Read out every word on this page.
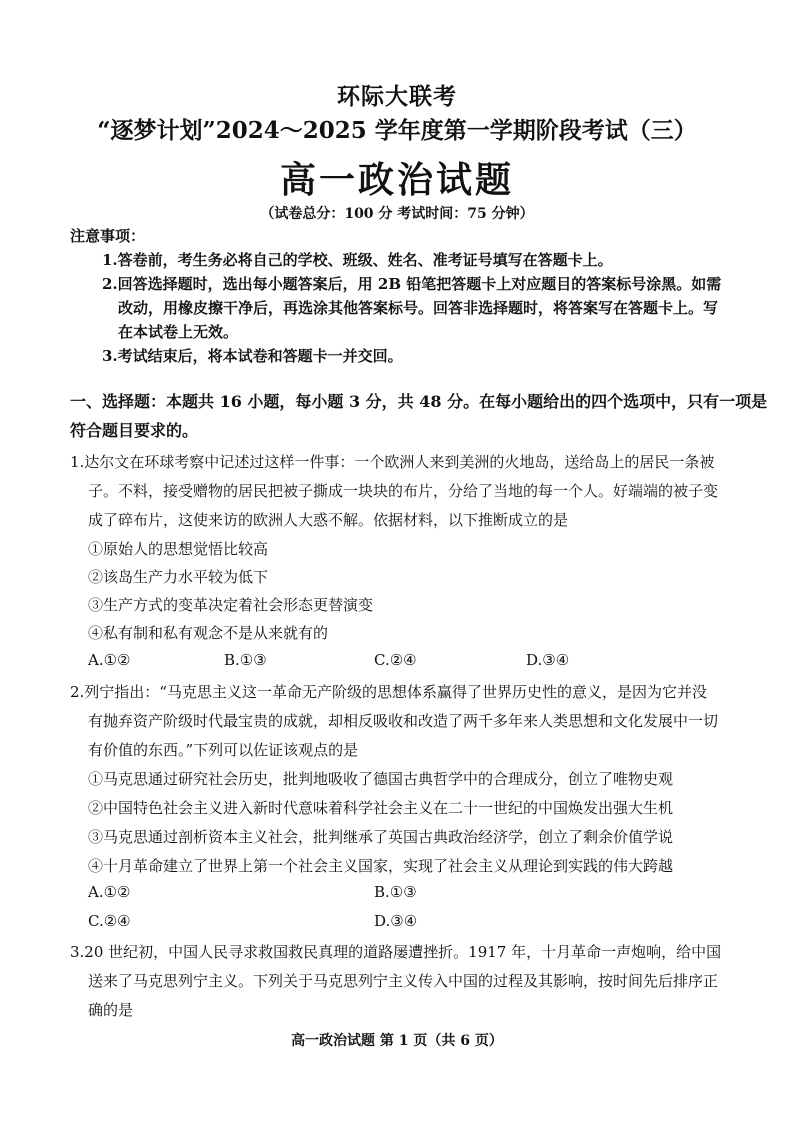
环际大联考
“逐梦计划”2024～2025 学年度第一学期阶段考试（三）
高一政治试题
（试卷总分：100 分 考试时间：75 分钟）
注意事项：
1.答卷前，考生务必将自己的学校、班级、姓名、准考证号填写在答题卡上。
2.回答选择题时，选出每小题答案后，用 2B 铅笔把答题卡上对应题目的答案标号涂黑。如需
改动，用橡皮擦干净后，再选涂其他答案标号。回答非选择题时，将答案写在答题卡上。写
在本试卷上无效。
3.考试结束后，将本试卷和答题卡一并交回。
一、选择题：本题共 16 小题，每小题 3 分，共 48 分。在每小题给出的四个选项中，只有一项是
符合题目要求的。
1.达尔文在环球考察中记述过这样一件事：一个欧洲人来到美洲的火地岛，送给岛上的居民一条被
子。不料，接受赠物的居民把被子撕成一块块的布片，分给了当地的每一个人。好端端的被子变
成了碎布片，这使来访的欧洲人大惑不解。依据材料，以下推断成立的是
①原始人的思想觉悟比较高
②该岛生产力水平较为低下
③生产方式的变革决定着社会形态更替演变
④私有制和私有观念不是从来就有的
A.①②	B.①③	C.②④	D.③④
2.列宁指出：“马克思主义这一革命无产阶级的思想体系赢得了世界历史性的意义，是因为它并没
有抛弃资产阶级时代最宝贵的成就，却相反吸收和改造了两千多年来人类思想和文化发展中一切
有价值的东西。”下列可以佐证该观点的是
①马克思通过研究社会历史，批判地吸收了德国古典哲学中的合理成分，创立了唯物史观
②中国特色社会主义进入新时代意味着科学社会主义在二十一世纪的中国焕发出强大生机
③马克思通过剖析资本主义社会，批判继承了英国古典政治经济学，创立了剩余价值学说
④十月革命建立了世界上第一个社会主义国家，实现了社会主义从理论到实践的伟大跨越
A.①②	B.①③
C.②④	D.③④
3.20 世纪初，中国人民寻求救国救民真理的道路屡遭挫折。1917 年，十月革命一声炮响，给中国
送来了马克思列宁主义。下列关于马克思列宁主义传入中国的过程及其影响，按时间先后排序正
确的是
高一政治试题 第 1 页（共 6 页）
